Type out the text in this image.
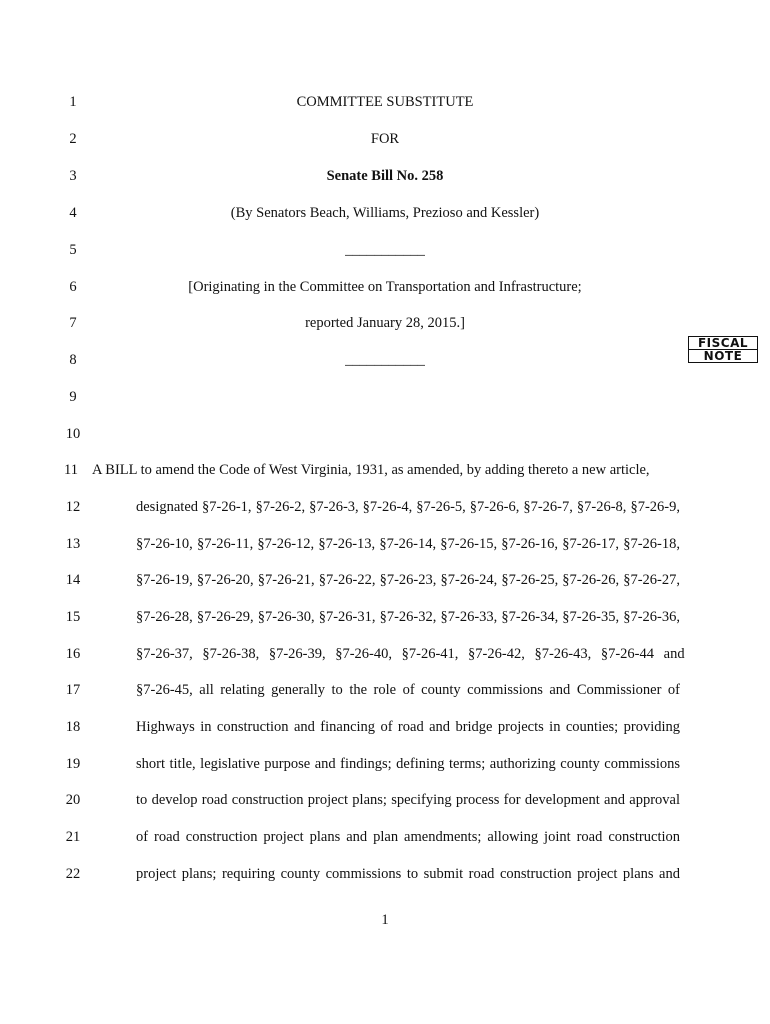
1
2
3
4
5
6
7
8
9
10
11
12
13
14
15
16
17
18
19
20
21
22
COMMITTEE SUBSTITUTE
FOR
Senate Bill No. 258
(By Senators Beach, Williams, Prezioso and Kessler)
___________
[Originating in the Committee on Transportation and Infrastructure;
reported January 28, 2015.]
___________
FISCAL
NOTE
A BILL to amend the Code of West Virginia, 1931, as amended, by adding thereto a new article,
designated §7-26-1, §7-26-2, §7-26-3, §7-26-4, §7-26-5, §7-26-6, §7-26-7, §7-26-8, §7-26-9,
§7-26-10, §7-26-11, §7-26-12, §7-26-13, §7-26-14, §7-26-15, §7-26-16, §7-26-17, §7-26-18,
§7-26-19, §7-26-20, §7-26-21, §7-26-22, §7-26-23, §7-26-24, §7-26-25, §7-26-26, §7-26-27,
§7-26-28, §7-26-29, §7-26-30, §7-26-31, §7-26-32, §7-26-33, §7-26-34, §7-26-35, §7-26-36,
§7-26-37, §7-26-38, §7-26-39, §7-26-40, §7-26-41, §7-26-42, §7-26-43, §7-26-44 and
§7-26-45, all relating generally to the role of county commissions and Commissioner of
Highways in construction and financing of road and bridge projects in counties; providing
short title, legislative purpose and findings; defining terms; authorizing county commissions
to develop road construction project plans; specifying process for development and approval
of road construction project plans and plan amendments; allowing joint road construction
project plans; requiring county commissions to submit road construction project plans and
1
